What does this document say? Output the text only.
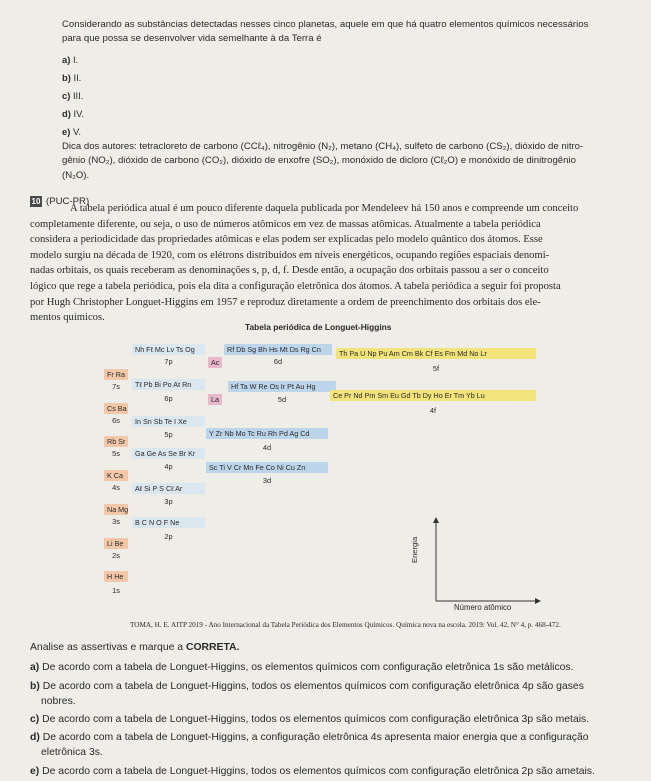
Considerando as substâncias detectadas nesses cinco planetas, aquele em que há quatro elementos químicos necessários
para que possa se desenvolver vida semelhante à da Terra é
a) I.
b) II.
c) III.
d) IV.
e) V.
Dica dos autores: tetracloreto de carbono (CCℓ₄), nitrogênio (N₂), metano (CH₄), sulfeto de carbono (CS₂), dióxido de nitro-
gênio (NO₂), dióxido de carbono (CO₂), dióxido de enxofre (SO₂), monóxido de dicloro (Cℓ₂O) e monóxido de dinitrogênio
(N₂O).
10 (PUC-PR)
A tabela periódica atual é um pouco diferente daquela publicada por Mendeleev há 150 anos e compreende um conceito
completamente diferente, ou seja, o uso de números atômicos em vez de massas atômicas. Atualmente a tabela periódica
considera a periodicidade das propriedades atômicas e elas podem ser explicadas pelo modelo quântico dos átomos. Esse
modelo surgiu na década de 1920, com os elétrons distribuídos em níveis energéticos, ocupando regiões espaciais denomi-
nadas orbitais, os quais receberam as denominações s, p, d, f. Desde então, a ocupação dos orbitais passou a ser o conceito
lógico que rege a tabela periódica, pois ela dita a configuração eletrônica dos átomos. A tabela periódica a seguir foi proposta
por Hugh Christopher Longuet-Higgins em 1957 e reproduz diretamente a ordem de preenchimento dos orbitais dos ele-
mentos químicos.
Tabela periódica de Longuet-Higgins
Fr Ra
7s
Cs Ba
6s
Rb Sr
5s
K Ca
4s
Na Mg
3s
Li Be
2s
H He
1s
Nh Fℓ Mc Lv Ts Og
7p
Tℓ Pb Bi Po At Rn
6p
In Sn Sb Te I Xe
5p
Ga Ge As Se Br Kr
4p
Aℓ Si P S Cℓ Ar
3p
B C N O F Ne
2p
Ac
La
Rf Db Sg Bh Hs Mt Ds Rg Cn
6d
Hf Ta W Re Os Ir Pt Au Hg
5d
Y Zr Nb Mo Tc Ru Rh Pd Ag Cd
4d
Sc Ti V Cr Mn Fe Co Ni Cu Zn
3d
Th Pa U Np Pu Am Cm Bk Cf Es Fm Md No Lr
5f
Ce Pr Nd Pm Sm Eu Gd Tb Dy Ho Er Tm Yb Lu
4f
Energia
Número atômico
TOMA, H. E. AITP 2019 - Ano Internacional da Tabela Periódica dos Elementos Químicos. Química nova na escola. 2019: Vol. 42, N° 4, p. 468-472.
Analise as assertivas e marque a CORRETA.
a) De acordo com a tabela de Longuet-Higgins, os elementos químicos com configuração eletrônica 1s são metálicos.
b) De acordo com a tabela de Longuet-Higgins, todos os elementos químicos com configuração eletrônica 4p são gases
nobres.
c) De acordo com a tabela de Longuet-Higgins, todos os elementos químicos com configuração eletrônica 3p são metais.
d) De acordo com a tabela de Longuet-Higgins, a configuração eletrônica 4s apresenta maior energia que a configuração
eletrônica 3s.
e) De acordo com a tabela de Longuet-Higgins, todos os elementos químicos com configuração eletrônica 2p são ametais.
